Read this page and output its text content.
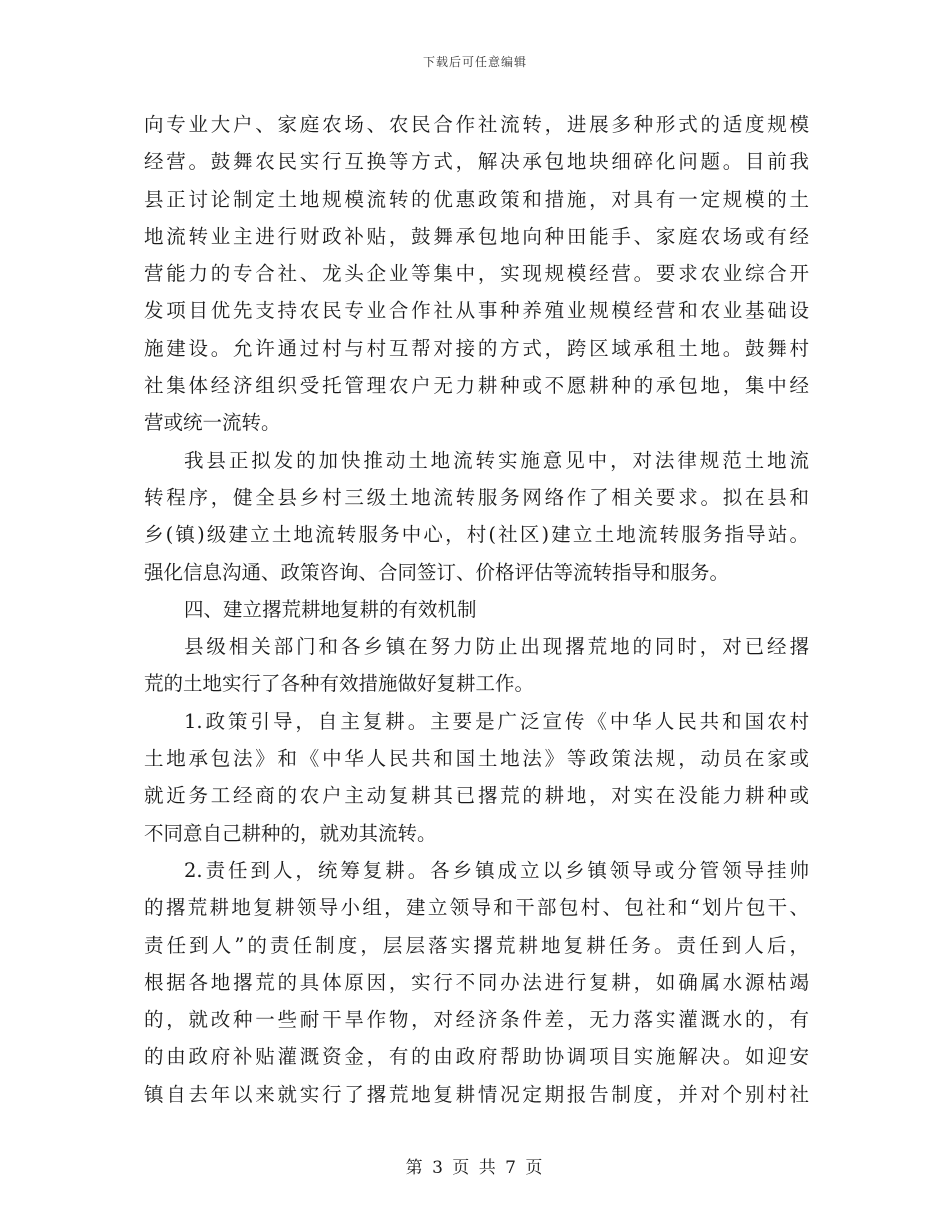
下载后可任意编辑
向专业大户、家庭农场、农民合作社流转，进展多种形式的适度规模
经营。鼓舞农民实行互换等方式，解决承包地块细碎化问题。目前我
县正讨论制定土地规模流转的优惠政策和措施，对具有一定规模的土
地流转业主进行财政补贴，鼓舞承包地向种田能手、家庭农场或有经
营能力的专合社、龙头企业等集中，实现规模经营。要求农业综合开
发项目优先支持农民专业合作社从事种养殖业规模经营和农业基础设
施建设。允许通过村与村互帮对接的方式，跨区域承租土地。鼓舞村
社集体经济组织受托管理农户无力耕种或不愿耕种的承包地，集中经
营或统一流转。
我县正拟发的加快推动土地流转实施意见中，对法律规范土地流
转程序，健全县乡村三级土地流转服务网络作了相关要求。拟在县和
乡(镇)级建立土地流转服务中心，村(社区)建立土地流转服务指导站。
强化信息沟通、政策咨询、合同签订、价格评估等流转指导和服务。
四、建立撂荒耕地复耕的有效机制
县级相关部门和各乡镇在努力防止出现撂荒地的同时，对已经撂
荒的土地实行了各种有效措施做好复耕工作。
1.政策引导，自主复耕。主要是广泛宣传《中华人民共和国农村
土地承包法》和《中华人民共和国土地法》等政策法规，动员在家或
就近务工经商的农户主动复耕其已撂荒的耕地，对实在没能力耕种或
不同意自己耕种的，就劝其流转。
2.责任到人，统筹复耕。各乡镇成立以乡镇领导或分管领导挂帅
的撂荒耕地复耕领导小组，建立领导和干部包村、包社和“划片包干、
责任到人”的责任制度，层层落实撂荒耕地复耕任务。责任到人后，
根据各地撂荒的具体原因，实行不同办法进行复耕，如确属水源枯竭
的，就改种一些耐干旱作物，对经济条件差，无力落实灌溉水的，有
的由政府补贴灌溉资金，有的由政府帮助协调项目实施解决。如迎安
镇自去年以来就实行了撂荒地复耕情况定期报告制度，并对个别村社
第 3 页 共 7 页
